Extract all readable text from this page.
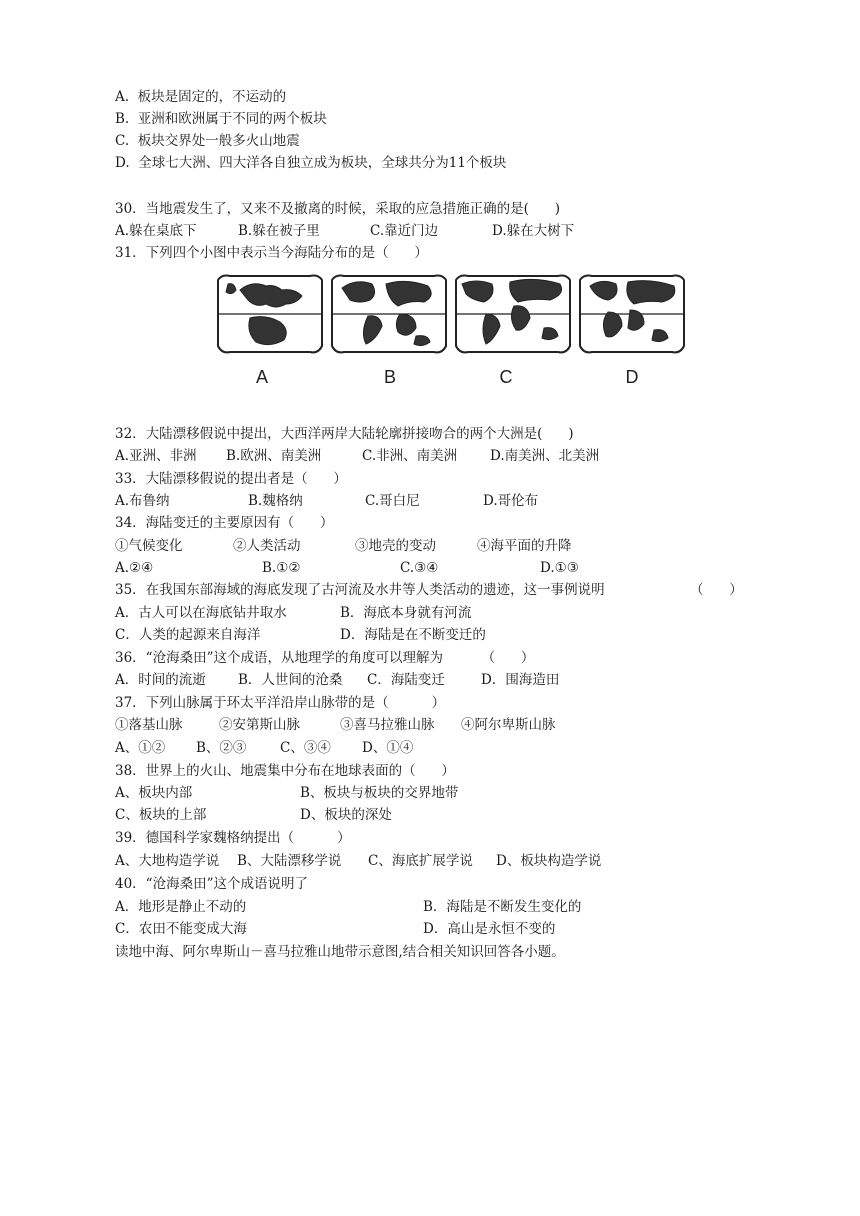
A.  板块是固定的，不运动的
B.  亚洲和欧洲属于不同的两个板块
C.  板块交界处一般多火山地震
D.  全球七大洲、四大洋各自独立成为板块，全球共分为11个板块
30．当地震发生了，又来不及撤离的时候，采取的应急措施正确的是(      )
A.躲在桌底下	B.躲在被子里	C.靠近门边	D.躲在大树下
31．下列四个小图中表示当今海陆分布的是（      ）
A	B	C	D
32．大陆漂移假说中提出，大西洋两岸大陆轮廓拼接吻合的两个大洲是(      )
A.亚洲、非洲 B.欧洲、南美洲	C.非洲、南美洲 D.南美洲、北美洲
33．大陆漂移假说的提出者是（      ）
A.布鲁纳	B.魏格纳	C.哥白尼	D.哥伦布
34．海陆变迁的主要原因有（      ）
①气候变化	②人类活动	③地壳的变动	④海平面的升降
A.②④	B.①②	C.③④	D.①③
35．在我国东部海域的海底发现了古河流及水井等人类活动的遗迹，这一事例说明	（      ）
A．古人可以在海底钻井取水	B．海底本身就有河流
C．人类的起源来自海洋	D．海陆是在不断变迁的
36．“沧海桑田”这个成语，从地理学的角度可以理解为         （      ）
A．时间的流逝 B．人世间的沧桑 C．海陆变迁	D．围海造田
37．下列山脉属于环太平洋沿岸山脉带的是（          ）
①落基山脉	②安第斯山脉	③喜马拉雅山脉 ④阿尔卑斯山脉
A、①② B、②③ C、③④ D、①④
38．世界上的火山、地震集中分布在地球表面的（      ）
A、板块内部	B、板块与板块的交界地带
C、板块的上部	D、板块的深处
39．德国科学家魏格纳提出（          ）
A、大地构造学说 B、大陆漂移学说 C、海底扩展学说 D、板块构造学说
40．“沧海桑田”这个成语说明了
A．地形是静止不动的	B．海陆是不断发生变化的
C．农田不能变成大海	D．高山是永恒不变的
读地中海、阿尔卑斯山－喜马拉雅山地带示意图,结合相关知识回答各小题。
